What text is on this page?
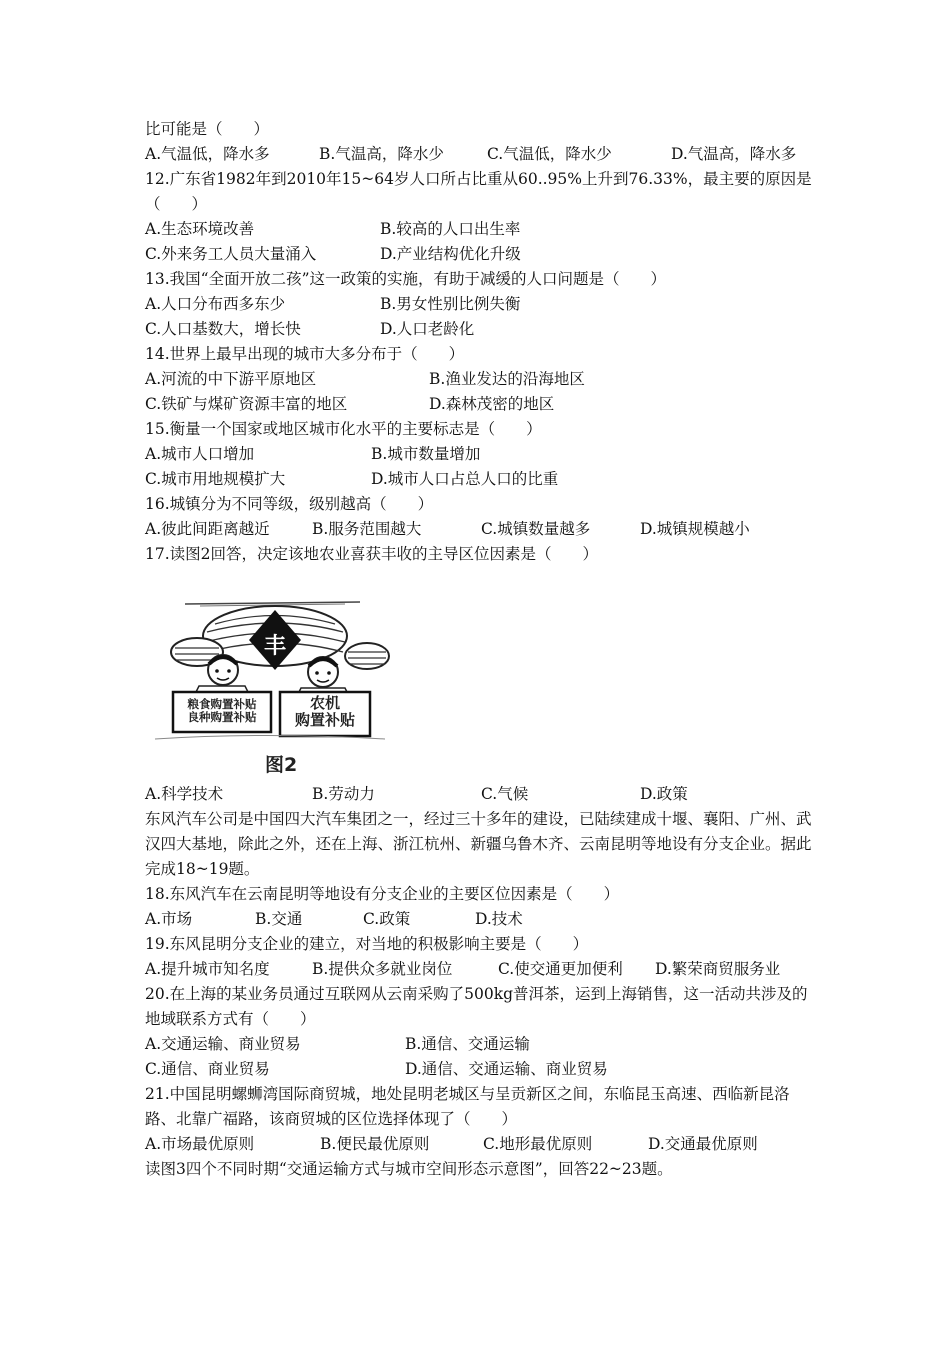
比可能是（　　）
A.气温低，降水多	B.气温高，降水少	C.气温低，降水少	D.气温高，降水多
12.广东省1982年到2010年15~64岁人口所占比重从60..95%上升到76.33%，最主要的原因是（　　）
A.生态环境改善	B.较高的人口出生率
C.外来务工人员大量涌入	D.产业结构优化升级
13.我国“全面开放二孩”这一政策的实施，有助于减缓的人口问题是（　　）
A.人口分布西多东少	B.男女性别比例失衡
C.人口基数大，增长快	D.人口老龄化
14.世界上最早出现的城市大多分布于（　　）
A.河流的中下游平原地区	B.渔业发达的沿海地区
C.铁矿与煤矿资源丰富的地区	D.森林茂密的地区
15.衡量一个国家或地区城市化水平的主要标志是（　　）
A.城市人口增加	B.城市数量增加
C.城市用地规模扩大	D.城市人口占总人口的比重
16.城镇分为不同等级，级别越高（　　）
A.彼此间距离越近	B.服务范围越大	C.城镇数量越多	D.城镇规模越小
17.读图2回答，决定该地农业喜获丰收的主导区位因素是（　　）
丰
粮食购置补贴
良种购置补贴
农机
购置补贴
图2
A.科学技术	B.劳动力	C.气候	D.政策
东风汽车公司是中国四大汽车集团之一，经过三十多年的建设，已陆续建成十堰、襄阳、广州、武汉四大基地，除此之外，还在上海、浙江杭州、新疆乌鲁木齐、云南昆明等地设有分支企业。据此完成18~19题。
18.东风汽车在云南昆明等地设有分支企业的主要区位因素是（　　）
A.市场	B.交通	C.政策	D.技术
19.东风昆明分支企业的建立，对当地的积极影响主要是（　　）
A.提升城市知名度	B.提供众多就业岗位	C.使交通更加便利 D.繁荣商贸服务业
20.在上海的某业务员通过互联网从云南采购了500kg普洱茶，运到上海销售，这一活动共涉及的地域联系方式有（　　）
A.交通运输、商业贸易	B.通信、交通运输
C.通信、商业贸易	D.通信、交通运输、商业贸易
21.中国昆明螺蛳湾国际商贸城，地处昆明老城区与呈贡新区之间，东临昆玉高速、西临新昆洛路、北靠广福路，该商贸城的区位选择体现了（　　）
A.市场最优原则	B.便民最优原则	C.地形最优原则	D.交通最优原则
读图3四个不同时期“交通运输方式与城市空间形态示意图”，回答22~23题。
